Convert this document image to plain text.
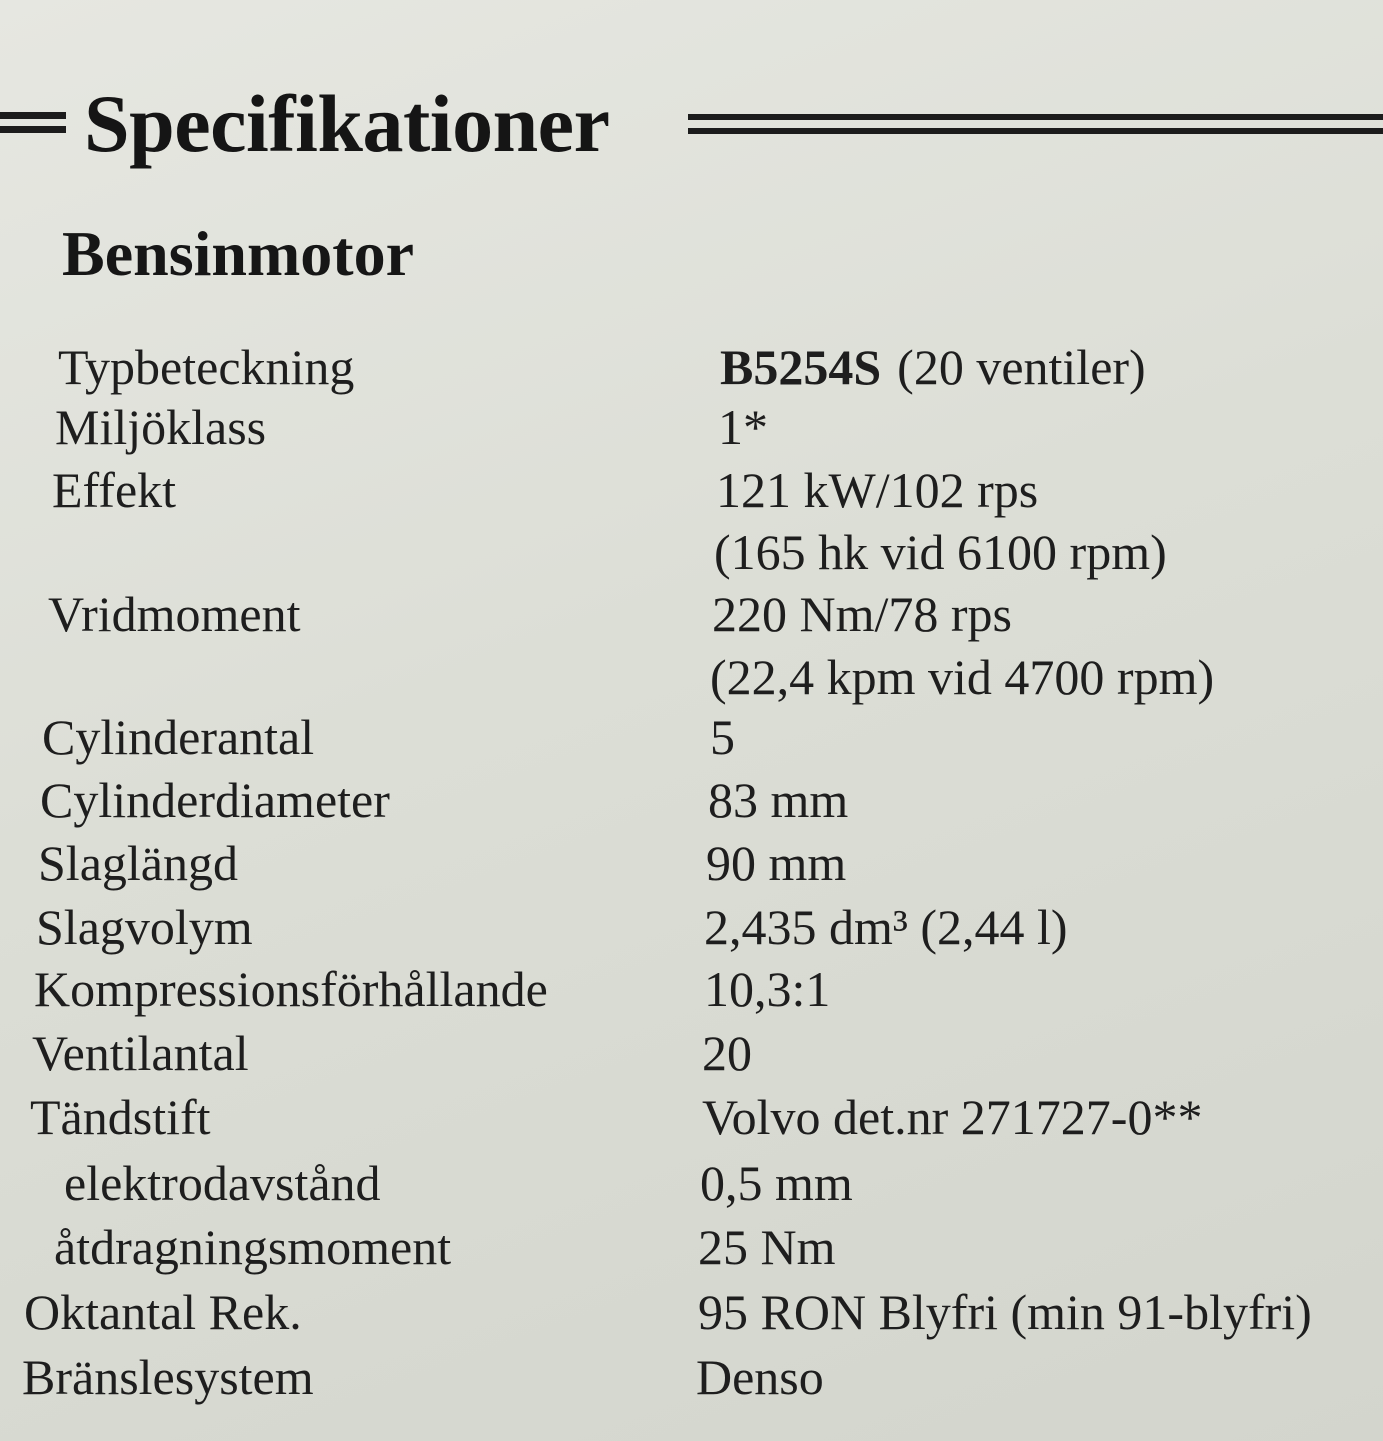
Specifikationer
Bensinmotor
Typbeteckning	B5254S (20 ventiler)
Miljöklass	1*
Effekt	121 kW/102 rps
(165 hk vid 6100 rpm)
Vridmoment	220 Nm/78 rps
(22,4 kpm vid 4700 rpm)
Cylinderantal	5
Cylinderdiameter	83 mm
Slaglängd	90 mm
Slagvolym	2,435 dm³ (2,44 l)
Kompressionsförhållande	10,3:1
Ventilantal	20
Tändstift	Volvo det.nr 271727-0**
elektrodavstånd	0,5 mm
åtdragningsmoment	25 Nm
Oktantal Rek.	95 RON Blyfri (min 91-blyfri)
Bränslesystem	Denso
